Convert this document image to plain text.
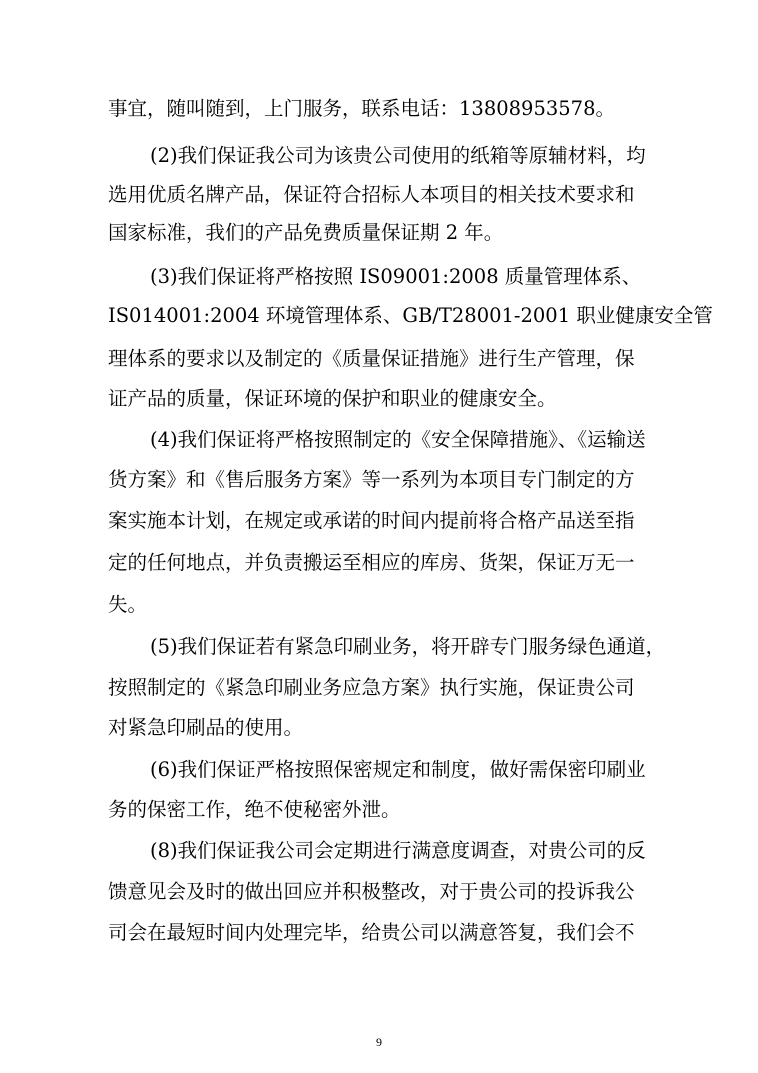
事宜，随叫随到，上门服务，联系电话：13808953578。
(2)我们保证我公司为该贵公司使用的纸箱等原辅材料，均
选用优质名牌产品，保证符合招标人本项目的相关技术要求和
国家标准，我们的产品免费质量保证期 2 年。
(3)我们保证将严格按照 IS09001:2008 质量管理体系、
IS014001:2004 环境管理体系、GB/T28001-2001 职业健康安全管
理体系的要求以及制定的《质量保证措施》进行生产管理，保
证产品的质量，保证环境的保护和职业的健康安全。
(4)我们保证将严格按照制定的《安全保障措施》、《运输送
货方案》和《售后服务方案》等一系列为本项目专门制定的方
案实施本计划，在规定或承诺的时间内提前将合格产品送至指
定的任何地点，并负责搬运至相应的库房、货架，保证万无一
失。
(5)我们保证若有紧急印刷业务，将开辟专门服务绿色通道，
按照制定的《紧急印刷业务应急方案》执行实施，保证贵公司
对紧急印刷品的使用。
(6)我们保证严格按照保密规定和制度，做好需保密印刷业
务的保密工作，绝不使秘密外泄。
(8)我们保证我公司会定期进行满意度调查，对贵公司的反
馈意见会及时的做出回应并积极整改，对于贵公司的投诉我公
司会在最短时间内处理完毕，给贵公司以满意答复，我们会不
9
